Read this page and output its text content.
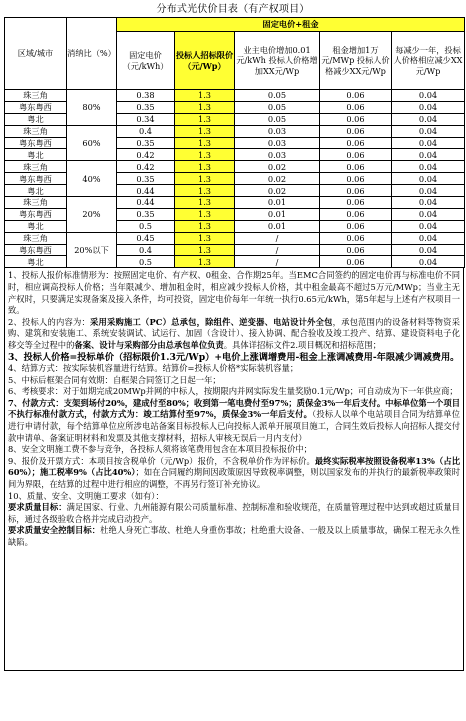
分布式光伏价目表（有产权项目）
区域/城市	消纳比（%）	固定电价+租金				
		固定电价（元/kWh）	投标人招标限价（元/Wp）	业主电价增加0.01元/kWh 投标人价格增加XX元/Wp	租金增加1万元/MWp 投标人价格减少XX元/Wp	每减少一年，投标人价格相应减少XX元/Wp
珠三角	80%	0.38	1.3	0.05	0.06	0.04
粤东粤西		0.35	1.3	0.05	0.06	0.04
粤北		0.34	1.3	0.05	0.06	0.04
珠三角	60%	0.4	1.3	0.03	0.06	0.04
粤东粤西		0.35	1.3	0.03	0.06	0.04
粤北		0.42	1.3	0.03	0.06	0.04
珠三角	40%	0.42	1.3	0.02	0.06	0.04
粤东粤西		0.35	1.3	0.02	0.06	0.04
粤北		0.44	1.3	0.02	0.06	0.04
珠三角	20%	0.44	1.3	0.01	0.06	0.04
粤东粤西		0.35	1.3	0.01	0.06	0.04
粤北		0.5	1.3	0.01	0.06	0.04
珠三角	20%以下	0.45	1.3	/	0.06	0.04
粤东粤西		0.4	1.3	/	0.06	0.04
粤北		0.5	1.3	/	0.06	0.04

1、投标人报价标准情形为：按照固定电价、有产权、0租金、合作期25年。当EMC合同签约的固定电价再与标准电价不同时，相应调高投标人价格；当年限减少、增加租金时，相应减少投标人价格，其中租金最高不超过5万元/MWp；当业主无产权时，只要满足实现备案及接入条件，均可投资，固定电价每年一年统一执行0.65元/kWh，第5年起与上述有产权项目一致。

2、投标人的内容为：采用采购施工（PC）总承包，除组件、逆变器、电站设计外全包，承包范围内的设备材料等物资采购、建筑和安装施工、系统安装调试、试运行、加固（含设计）、接入协调、配合验收及竣工投产、结算、建设资料电子化移交等全过程中的备案、设计与采购部分由总承包单位负责。具体详招标文件2.项目概况和招标范围；

3、投标人价格=投标单价（招标限价1.3元/Wp）+电价上涨调增费用-租金上涨调减费用-年限减少调减费用。

4、结算方式：按实际装机容量进行结算。结算价=投标人价格*实际装机容量；

5、中标后框架合同有效期：自框架合同签订之日起一年；

6、考核要求：对于如期完成20MWp并网的中标人，按期限内并网实际发生量奖励0.1元/Wp；可自动成为下一年供应商；

7、付款方式：支架到场付20%，建成付至80%；收到第一笔电费付至97%；质保金3%一年后支付。中标单位第一个项目不执行标准付款方式，付款方式为：竣工结算付至97%，质保金3%一年后支付。（投标人以单个电站项目合同为结算单位进行申请付款，每个结算单位应所涉电站备案目标投标人已向投标人派单开展项目施工，合同生效后投标人向招标人提交付款申请单、备案证明材料和发票及其他支撑材料，招标人审核无误后一月内支付）

8、安全文明施工费不参与竞争，各投标人须将该笔费用包含在本项目投标报价中；

9、报价及开票方式：本项目按含税单价（元/Wp）报价，不含税单价作为评标价。最终实际税率按照设备税率13%（占比60%）；施工税率9%（占比40%）；如在合同履约期间因政策原因导致税率调整，则以国家发布的并执行的最新税率政策时间为界限，在结算的过程中进行相应的调整，不再另行签订补充协议。

10、质量、安全、文明施工要求（如有）：

要求质量目标：满足国家、行业、九州能源有限公司质量标准、控制标准和验收规范，在质量管理过程中达到或超过质量目标，通过各级验收合格并完成启动投产。

要求质量安全控制目标：杜绝人身死亡事故、杜绝人身重伤事故；杜绝重大设备、一般及以上质量事故，确保工程无永久性缺陷。
